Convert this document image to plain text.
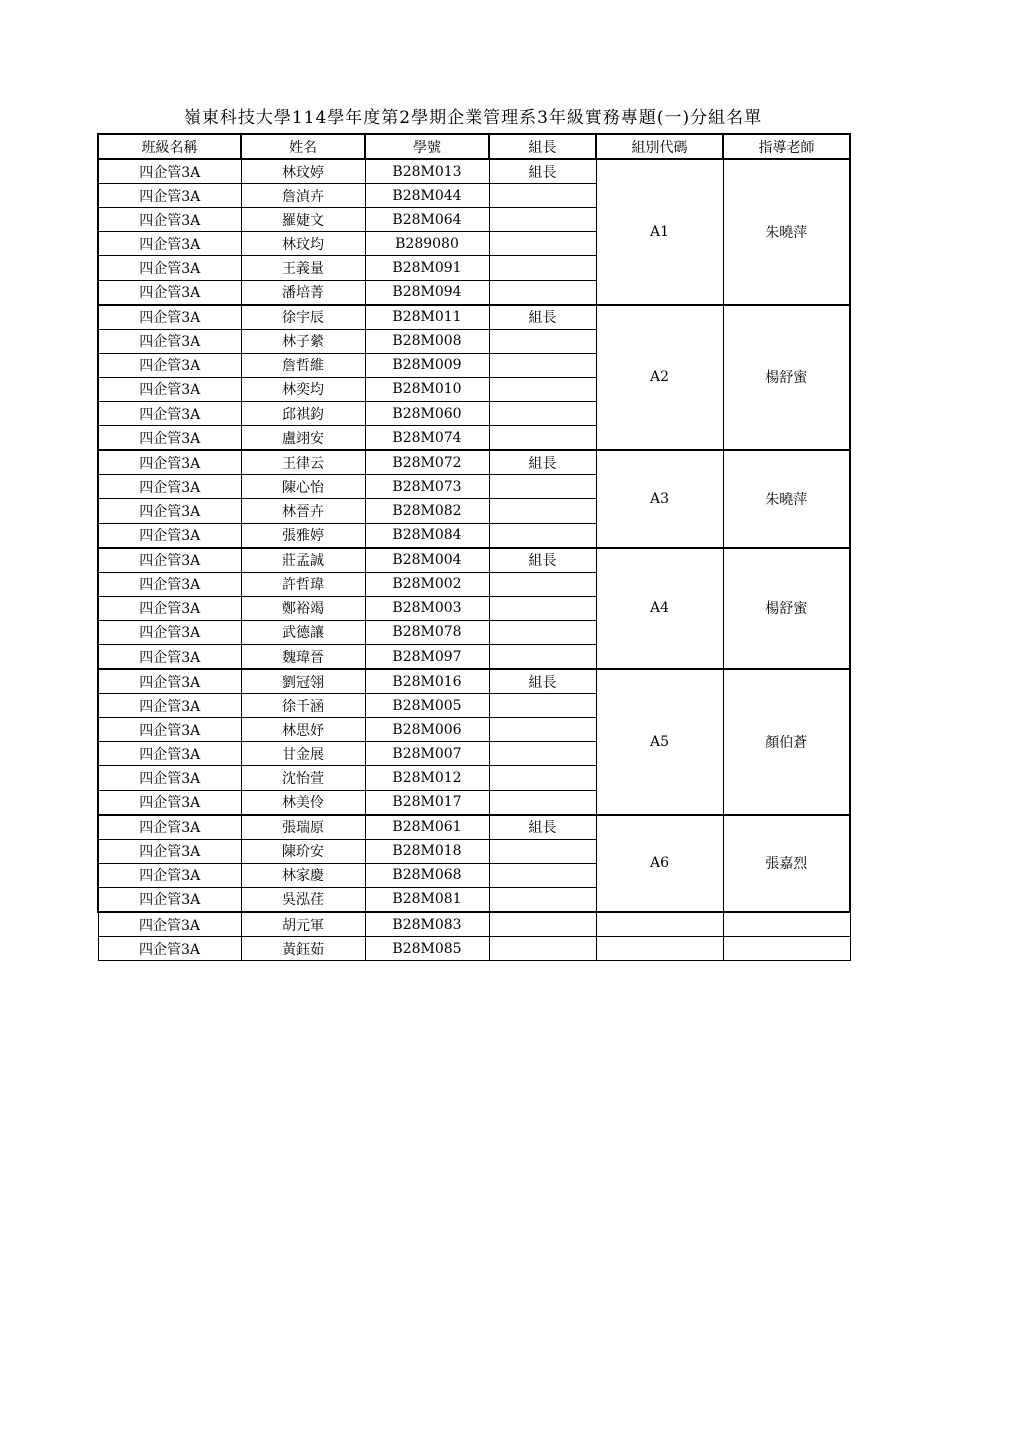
嶺東科技大學114學年度第2學期企業管理系3年級實務專題(一)分組名單
班級名稱	姓名	學號	組長	組別代碼	指導老師
四企管3A	林玟婷	B28M013	組長	A1	朱曉萍
四企管3A	詹湞卉	B28M044			
四企管3A	羅婕文	B28M064			
四企管3A	林玟均	B289080			
四企管3A	王義量	B28M091			
四企管3A	潘培菁	B28M094			
四企管3A	徐宇辰	B28M011	組長	A2	楊舒蜜
四企管3A	林子縈	B28M008			
四企管3A	詹哲維	B28M009			
四企管3A	林奕均	B28M010			
四企管3A	邱祺鈞	B28M060			
四企管3A	盧翊安	B28M074			
四企管3A	王律云	B28M072	組長	A3	朱曉萍
四企管3A	陳心怡	B28M073			
四企管3A	林晉卉	B28M082			
四企管3A	張雅婷	B28M084			
四企管3A	莊孟誠	B28M004	組長	A4	楊舒蜜
四企管3A	許哲瑋	B28M002			
四企管3A	鄭裕竭	B28M003			
四企管3A	武德讓	B28M078			
四企管3A	魏瑋晉	B28M097			
四企管3A	劉冠翎	B28M016	組長	A5	顏伯蒼
四企管3A	徐千涵	B28M005			
四企管3A	林思妤	B28M006			
四企管3A	甘金展	B28M007			
四企管3A	沈怡萱	B28M012			
四企管3A	林美伶	B28M017			
四企管3A	張瑞原	B28M061	組長	A6	張嘉烈
四企管3A	陳玠安	B28M018			
四企管3A	林家慶	B28M068			
四企管3A	吳泓荏	B28M081			
四企管3A	胡元軍	B28M083			
四企管3A	黃鈺茹	B28M085			
